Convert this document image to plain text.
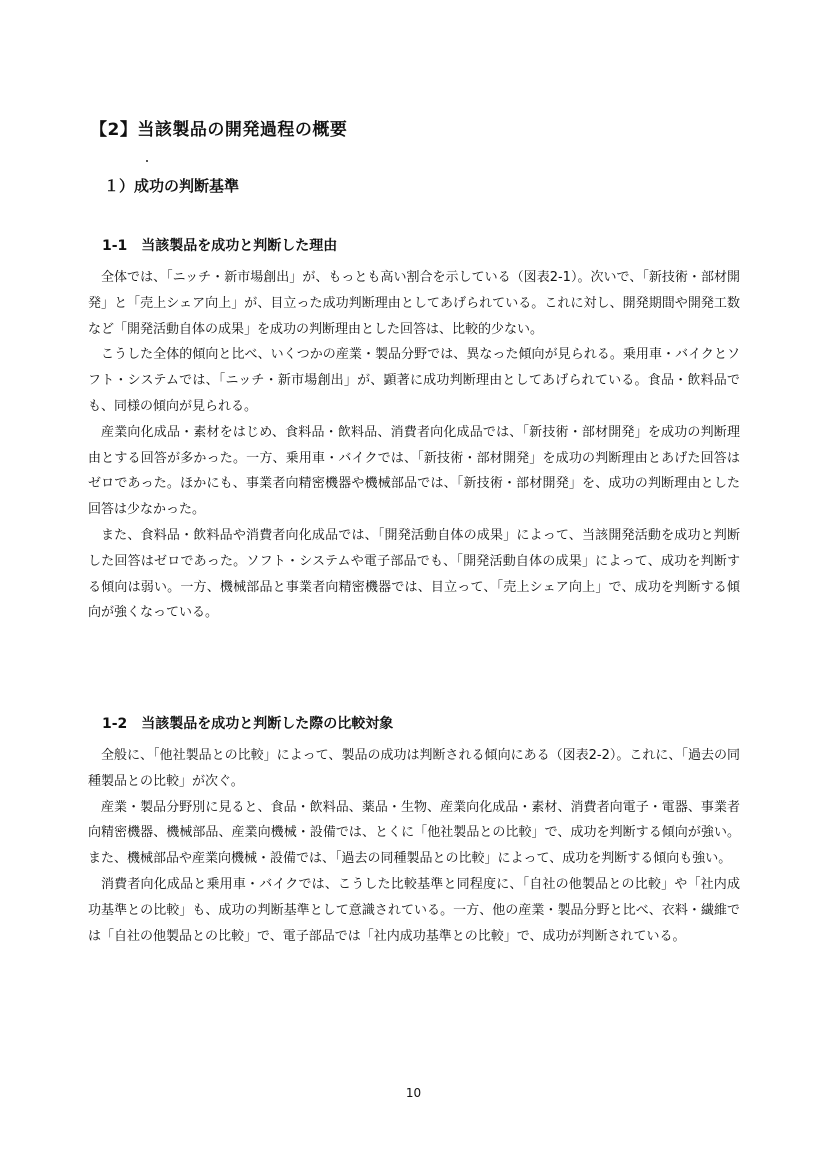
【2】当該製品の開発過程の概要
１）成功の判断基準
1-1　当該製品を成功と判断した理由

全体では、「ニッチ・新市場創出」が、もっとも高い割合を示している（図表2-1）。次いで、「新技術・部材開発」と「売上シェア向上」が、目立った成功判断理由としてあげられている。これに対し、開発期間や開発工数など「開発活動自体の成果」を成功の判断理由とした回答は、比較的少ない。

こうした全体的傾向と比べ、いくつかの産業・製品分野では、異なった傾向が見られる。乗用車・バイクとソフト・システムでは、「ニッチ・新市場創出」が、顕著に成功判断理由としてあげられている。食品・飲料品でも、同様の傾向が見られる。

産業向化成品・素材をはじめ、食料品・飲料品、消費者向化成品では、「新技術・部材開発」を成功の判断理由とする回答が多かった。一方、乗用車・バイクでは、「新技術・部材開発」を成功の判断理由とあげた回答はゼロであった。ほかにも、事業者向精密機器や機械部品では、「新技術・部材開発」を、成功の判断理由とした回答は少なかった。

また、食料品・飲料品や消費者向化成品では、「開発活動自体の成果」によって、当該開発活動を成功と判断した回答はゼロであった。ソフト・システムや電子部品でも、「開発活動自体の成果」によって、成功を判断する傾向は弱い。一方、機械部品と事業者向精密機器では、目立って、「売上シェア向上」で、成功を判断する傾向が強くなっている。

1-2　当該製品を成功と判断した際の比較対象

全般に、「他社製品との比較」によって、製品の成功は判断される傾向にある（図表2-2）。これに、「過去の同種製品との比較」が次ぐ。

産業・製品分野別に見ると、食品・飲料品、薬品・生物、産業向化成品・素材、消費者向電子・電器、事業者向精密機器、機械部品、産業向機械・設備では、とくに「他社製品との比較」で、成功を判断する傾向が強い。また、機械部品や産業向機械・設備では、「過去の同種製品との比較」によって、成功を判断する傾向も強い。

消費者向化成品と乗用車・バイクでは、こうした比較基準と同程度に、「自社の他製品との比較」や「社内成功基準との比較」も、成功の判断基準として意識されている。一方、他の産業・製品分野と比べ、衣料・繊維では「自社の他製品との比較」で、電子部品では「社内成功基準との比較」で、成功が判断されている。

10
